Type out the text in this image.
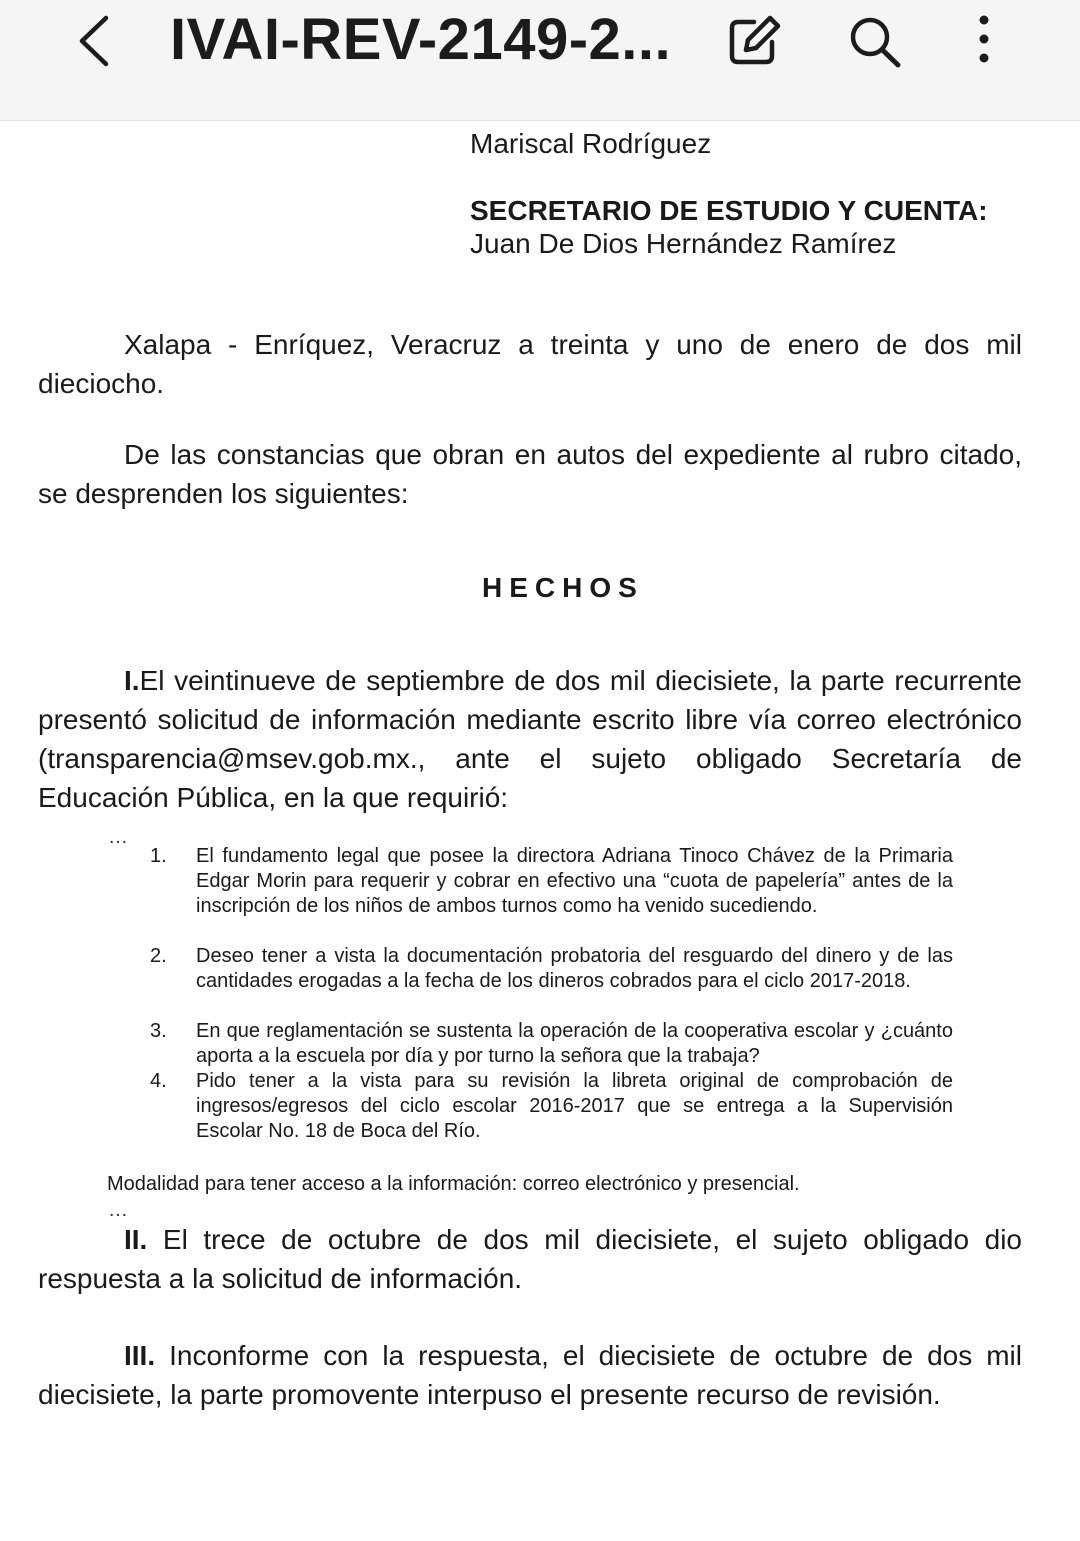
IVAI-REV-2149-2...
Mariscal Rodríguez
SECRETARIO DE ESTUDIO Y CUENTA:
Juan De Dios Hernández Ramírez
Xalapa - Enríquez, Veracruz a treinta y uno de enero de dos mil dieciocho.
De las constancias que obran en autos del expediente al rubro citado, se desprenden los siguientes:
HECHOS
I.El veintinueve de septiembre de dos mil diecisiete, la parte recurrente presentó solicitud de información mediante escrito libre vía correo electrónico (transparencia@msev.gob.mx., ante el sujeto obligado Secretaría de Educación Pública, en la que requirió:
…
1. El fundamento legal que posee la directora Adriana Tinoco Chávez de la Primaria Edgar Morin para requerir y cobrar en efectivo una “cuota de papelería” antes de la inscripción de los niños de ambos turnos como ha venido sucediendo.
2. Deseo tener a vista la documentación probatoria del resguardo del dinero y de las cantidades erogadas a la fecha de los dineros cobrados para el ciclo 2017-2018.
3. En que reglamentación se sustenta la operación de la cooperativa escolar y ¿cuánto aporta a la escuela por día y por turno la señora que la trabaja?
4. Pido tener a la vista para su revisión la libreta original de comprobación de ingresos/egresos del ciclo escolar 2016-2017 que se entrega a la Supervisión Escolar No. 18 de Boca del Río.
Modalidad para tener acceso a la información: correo electrónico y presencial.
…
II. El trece de octubre de dos mil diecisiete, el sujeto obligado dio respuesta a la solicitud de información.
III. Inconforme con la respuesta, el diecisiete de octubre de dos mil diecisiete, la parte promovente interpuso el presente recurso de revisión.
